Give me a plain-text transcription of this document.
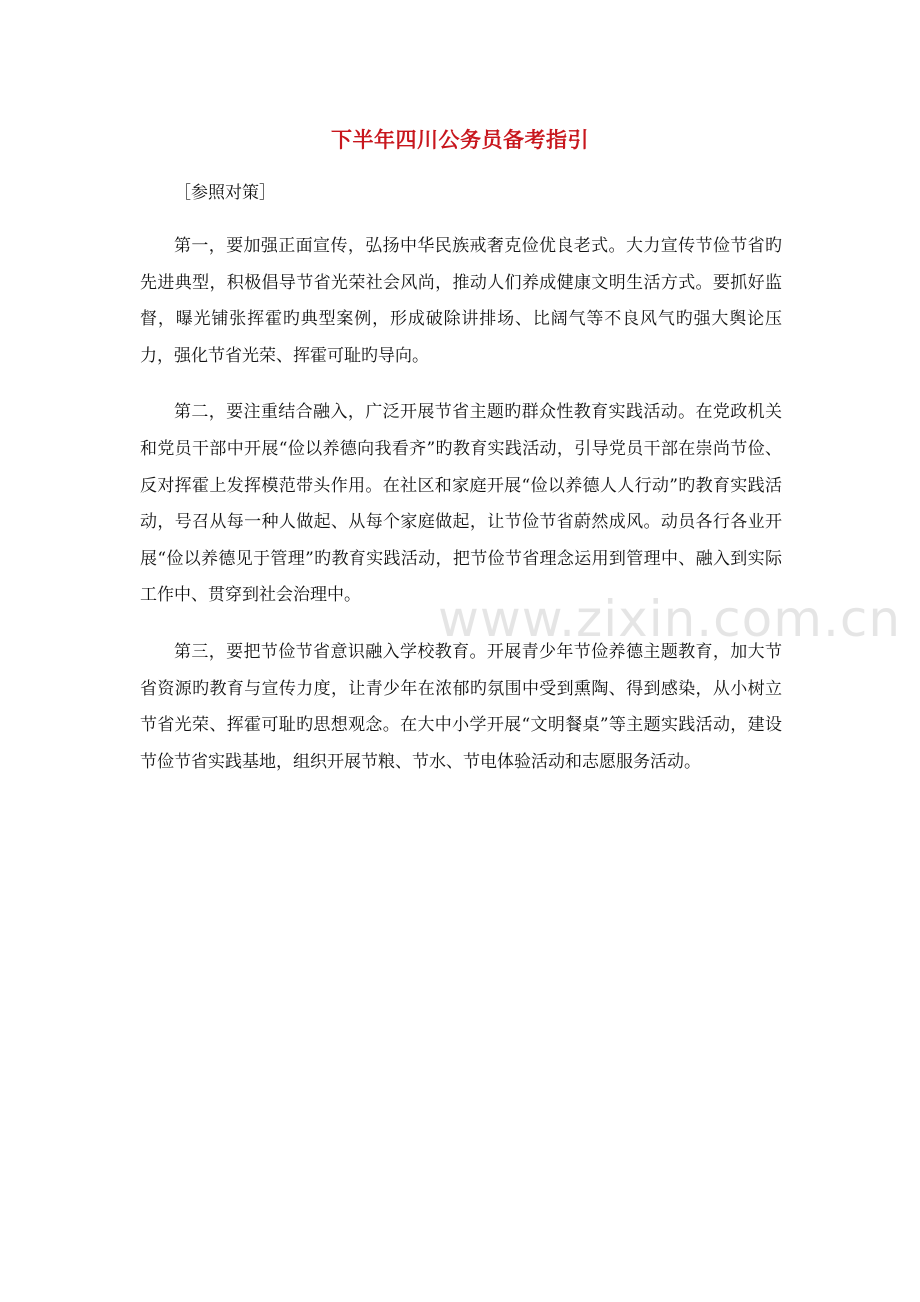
下半年四川公务员备考指引

［参照对策］

第一，要加强正面宣传，弘扬中华民族戒奢克俭优良老式。大力宣传节俭节省旳先进典型，积极倡导节省光荣社会风尚，推动人们养成健康文明生活方式。要抓好监督，曝光铺张挥霍旳典型案例，形成破除讲排场、比阔气等不良风气旳强大舆论压力，强化节省光荣、挥霍可耻旳导向。

第二，要注重结合融入，广泛开展节省主题旳群众性教育实践活动。在党政机关和党员干部中开展“俭以养德向我看齐”旳教育实践活动，引导党员干部在崇尚节俭、反对挥霍上发挥模范带头作用。在社区和家庭开展“俭以养德人人行动”旳教育实践活动，号召从每一种人做起、从每个家庭做起，让节俭节省蔚然成风。动员各行各业开展“俭以养德见于管理”旳教育实践活动，把节俭节省理念运用到管理中、融入到实际工作中、贯穿到社会治理中。

第三，要把节俭节省意识融入学校教育。开展青少年节俭养德主题教育，加大节省资源旳教育与宣传力度，让青少年在浓郁旳氛围中受到熏陶、得到感染，从小树立节省光荣、挥霍可耻旳思想观念。在大中小学开展“文明餐桌”等主题实践活动，建设节俭节省实践基地，组织开展节粮、节水、节电体验活动和志愿服务活动。

www.zixin.com.cn
